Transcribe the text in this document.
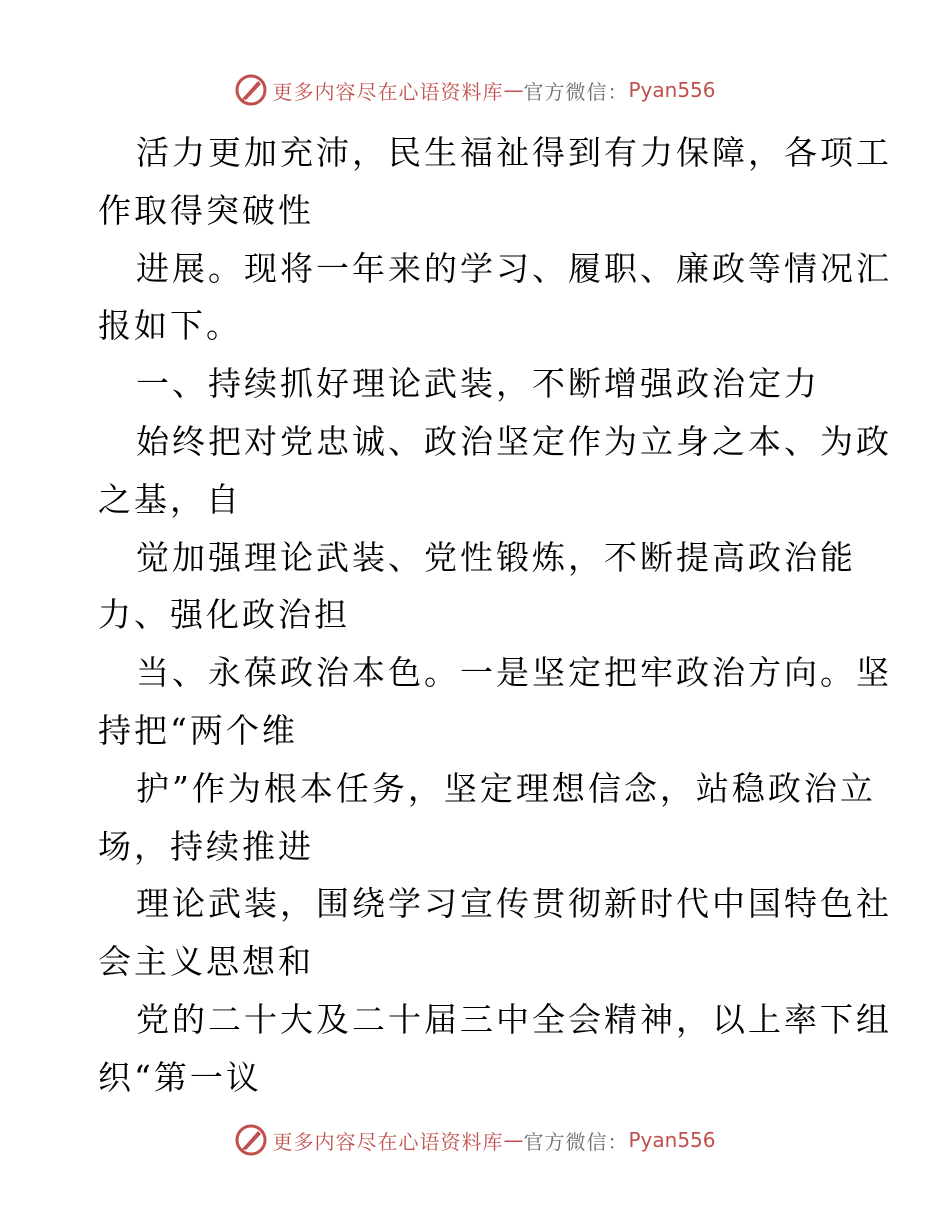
更多内容尽在心语资料库 — 官方微信： Pyan556
活力更加充沛，民生福祉得到有力保障，各项工
作取得突破性
进展。现将一年来的学习、履职、廉政等情况汇
报如下。
一、持续抓好理论武装，不断增强政治定力
始终把对党忠诚、政治坚定作为立身之本、为政
之基，自
觉加强理论武装、党性锻炼，不断提高政治能
力、强化政治担
当、永葆政治本色。一是坚定把牢政治方向。坚
持把“两个维
护”作为根本任务，坚定理想信念，站稳政治立
场，持续推进
理论武装，围绕学习宣传贯彻新时代中国特色社
会主义思想和
党的二十大及二十届三中全会精神，以上率下组
织“第一议
更多内容尽在心语资料库 — 官方微信： Pyan556
